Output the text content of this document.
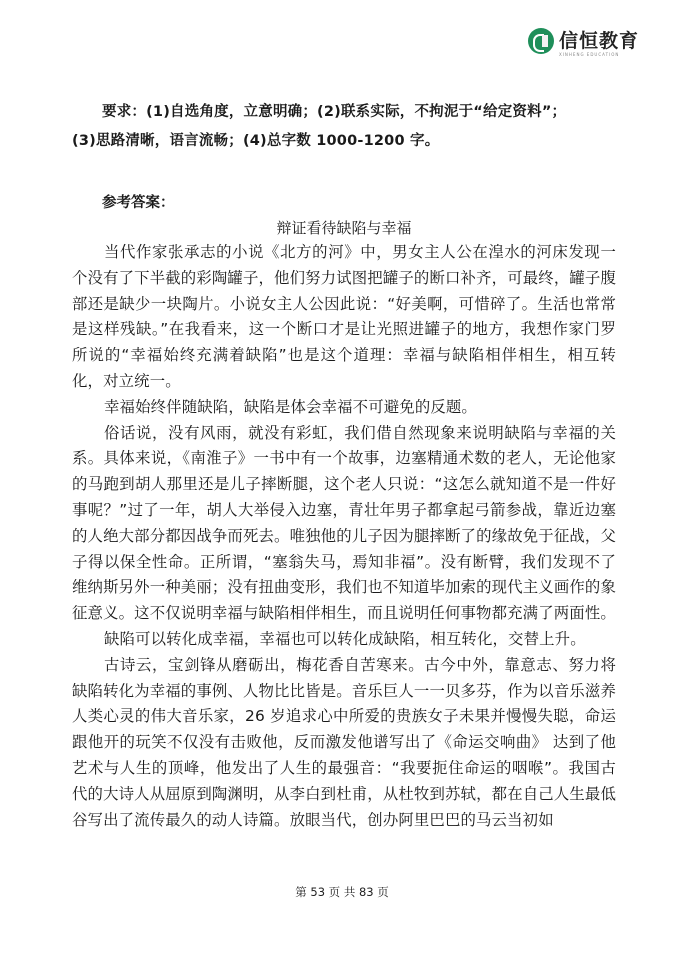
信恒教育
XINHENG EDUCATION

要求：(1)自选角度，立意明确；(2)联系实际，不拘泥于“给定资料”；
(3)思路清晰，语言流畅；(4)总字数 1000-1200 字。

参考答案：
辩证看待缺陷与幸福

当代作家张承志的小说《北方的河》中，男女主人公在湟水的河床发现一个没有了下半截的彩陶罐子，他们努力试图把罐子的断口补齐，可最终，罐子腹部还是缺少一块陶片。小说女主人公因此说：“好美啊，可惜碎了。生活也常常是这样残缺。”在我看来，这一个断口才是让光照进罐子的地方，我想作家门罗所说的“幸福始终充满着缺陷”也是这个道理：幸福与缺陷相伴相生，相互转化，对立统一。

幸福始终伴随缺陷，缺陷是体会幸福不可避免的反题。

俗话说，没有风雨，就没有彩虹，我们借自然现象来说明缺陷与幸福的关系。具体来说，《南淮子》一书中有一个故事，边塞精通术数的老人，无论他家的马跑到胡人那里还是儿子摔断腿，这个老人只说：“这怎么就知道不是一件好事呢？”过了一年，胡人大举侵入边塞，青壮年男子都拿起弓箭参战，靠近边塞的人绝大部分都因战争而死去。唯独他的儿子因为腿摔断了的缘故免于征战，父子得以保全性命。正所谓，“塞翁失马，焉知非福”。没有断臂，我们发现不了维纳斯另外一种美丽；没有扭曲变形，我们也不知道毕加索的现代主义画作的象征意义。这不仅说明幸福与缺陷相伴相生，而且说明任何事物都充满了两面性。

缺陷可以转化成幸福，幸福也可以转化成缺陷，相互转化，交替上升。

古诗云，宝剑锋从磨砺出，梅花香自苦寒来。古今中外，靠意志、努力将缺陷转化为幸福的事例、人物比比皆是。音乐巨人一一贝多芬，作为以音乐滋养人类心灵的伟大音乐家，26 岁追求心中所爱的贵族女子未果并慢慢失聪，命运跟他开的玩笑不仅没有击败他，反而激发他谱写出了《命运交响曲》 达到了他艺术与人生的顶峰，他发出了人生的最强音：“我要扼住命运的咽喉”。我国古代的大诗人从屈原到陶渊明，从李白到杜甫，从杜牧到苏轼，都在自己人生最低谷写出了流传最久的动人诗篇。放眼当代，创办阿里巴巴的马云当初如

第 53 页 共 83 页
